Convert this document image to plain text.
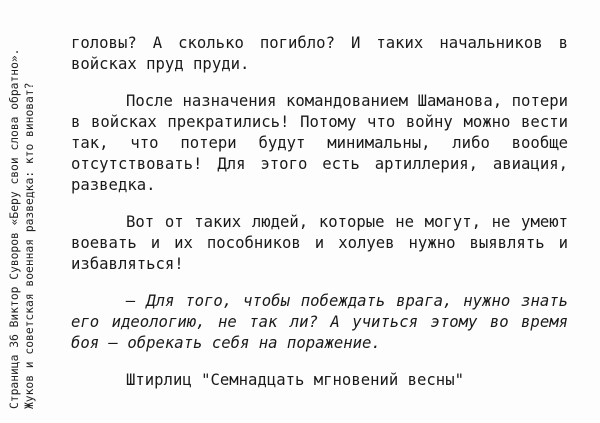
Страница 36 Виктор Суворов «Беру свои слова обратно». Жуков и советская военная разведка: кто виноват?

головы? А сколько погибло? И таких начальников в войсках пруд пруди.

После назначения командованием Шаманова, потери в войсках прекратились! Потому что войну можно вести так, что потери будут минимальны, либо вообще отсутствовать! Для этого есть артиллерия, авиация, разведка.

Вот от таких людей, которые не могут, не умеют воевать и их пособников и холуев нужно выявлять и избавляться!

— Для того, чтобы побеждать врага, нужно знать его идеологию, не так ли? А учиться этому во время боя — обрекать себя на поражение.

Штирлиц "Семнадцать мгновений весны"
